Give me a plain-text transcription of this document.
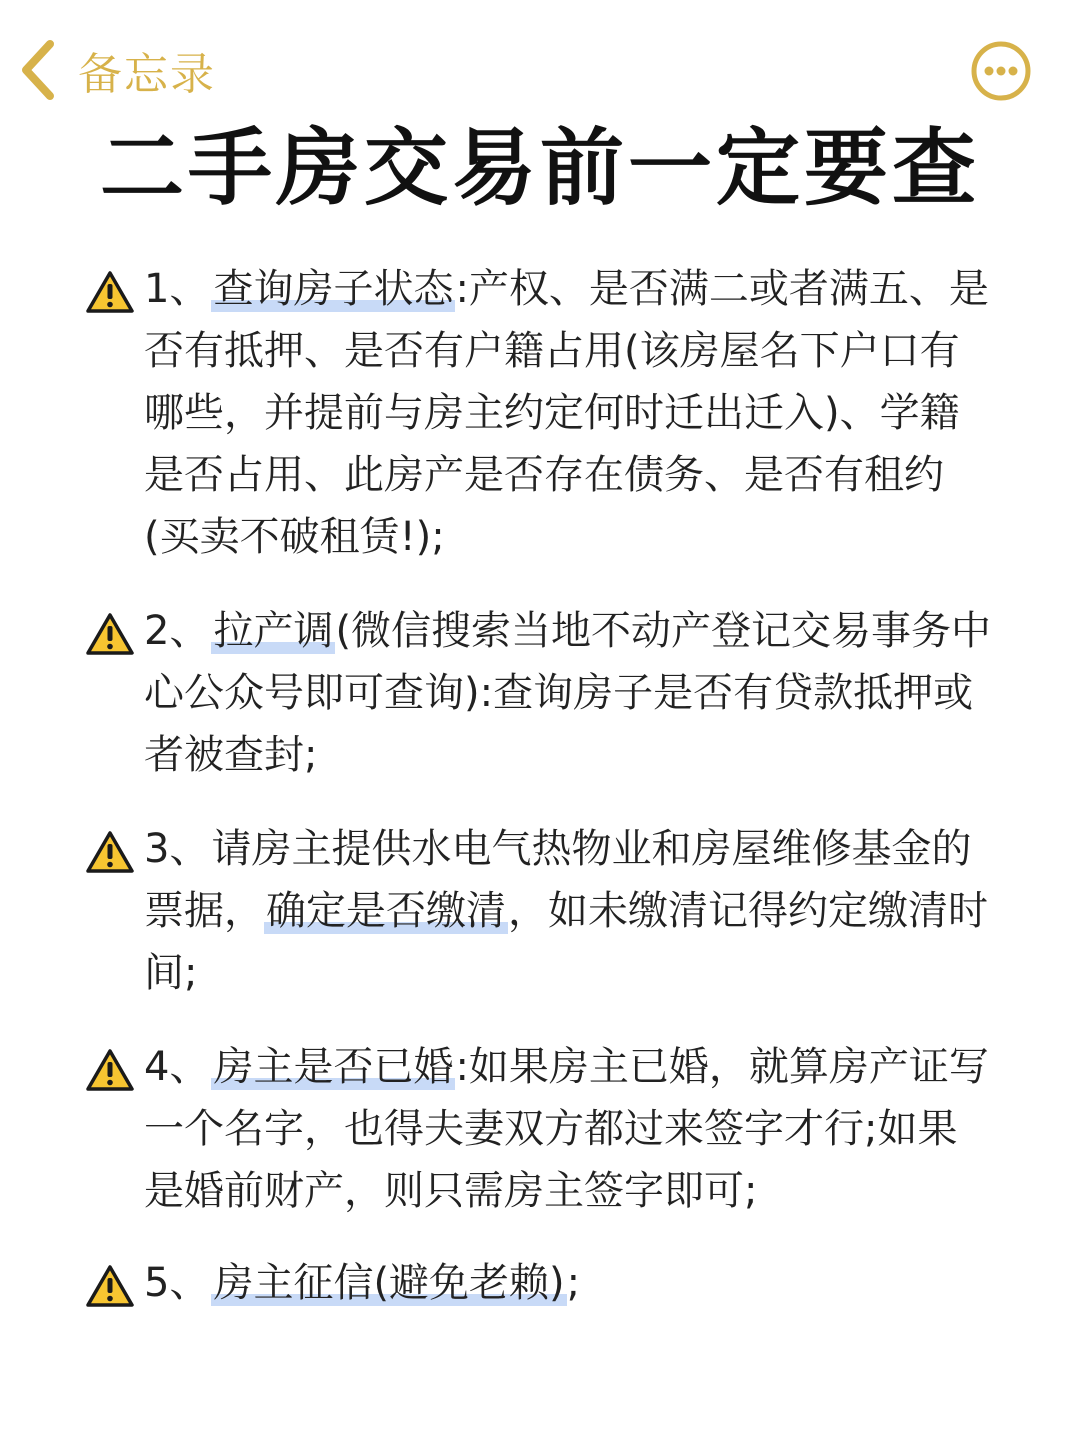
备忘录
二手房交易前一定要查
1、 查询房子状态:产权、是否满二或者满五、是否有抵押、是否有户籍占用(该房屋名下户口有哪些，并提前与房主约定何时迁出迁入)、学籍是否占用、此房产是否存在债务、是否有租约(买卖不破租赁!);
2、 拉产调(微信搜索当地不动产登记交易事务中心公众号即可查询):查询房子是否有贷款抵押或者被查封;
3、请房主提供水电气热物业和房屋维修基金的票据，确定是否缴清，如未缴清记得约定缴清时间;
4、 房主是否已婚:如果房主已婚，就算房产证写一个名字，也得夫妻双方都过来签字才行;如果是婚前财产，则只需房主签字即可;
5、 房主征信(避免老赖);
